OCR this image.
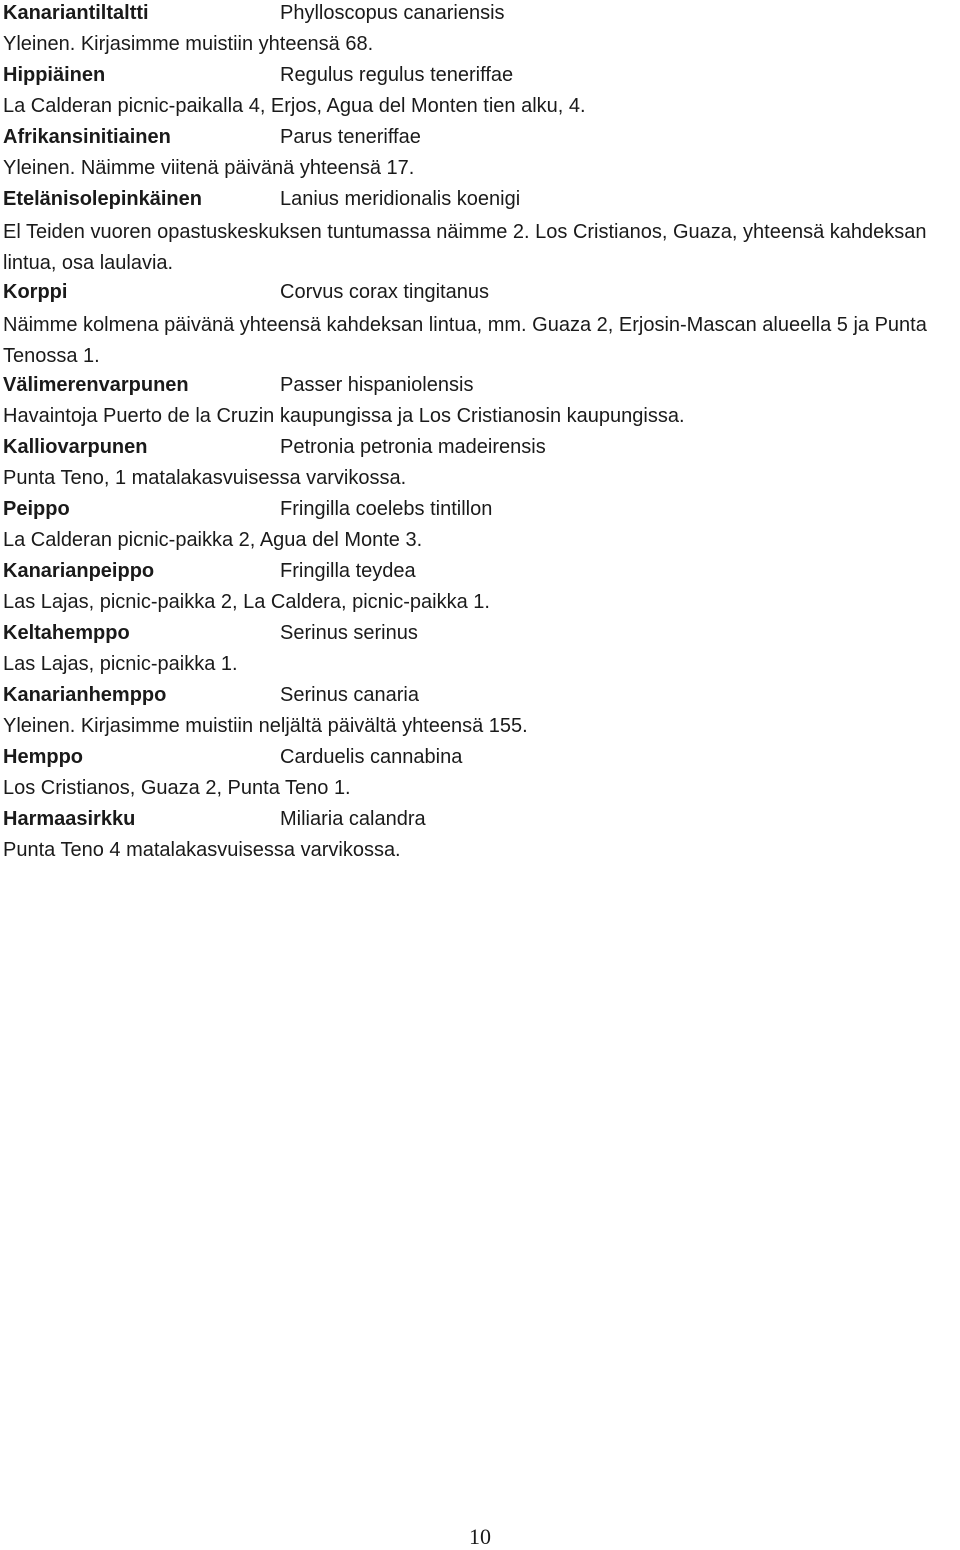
Kanariantiltaltti	Phylloscopus canariensis
Yleinen. Kirjasimme muistiin yhteensä 68.
Hippiäinen	Regulus regulus teneriffae
La Calderan picnic-paikalla 4, Erjos, Agua del Monten tien alku, 4.
Afrikansinitiainen	Parus teneriffae
Yleinen. Näimme viitenä päivänä yhteensä 17.
Etelänisolepinkäinen	Lanius meridionalis koenigi
El Teiden vuoren opastuskeskuksen tuntumassa näimme 2. Los Cristianos, Guaza, yhteensä kahdeksan lintua, osa laulavia.
Korppi	Corvus corax tingitanus
Näimme kolmena päivänä yhteensä kahdeksan lintua, mm. Guaza 2, Erjosin-Mascan alueella 5 ja Punta Tenossa 1.
Välimerenvarpunen	Passer hispaniolensis
Havaintoja Puerto de la Cruzin kaupungissa ja Los Cristianosin kaupungissa.
Kalliovarpunen	Petronia petronia madeirensis
Punta Teno, 1 matalakasvuisessa varvikossa.
Peippo	Fringilla coelebs tintillon
La Calderan picnic-paikka 2, Agua del Monte 3.
Kanarianpeippo	Fringilla teydea
Las Lajas, picnic-paikka 2, La Caldera, picnic-paikka 1.
Keltahemppo	Serinus serinus
Las Lajas, picnic-paikka 1.
Kanarianhemppo	Serinus canaria
Yleinen. Kirjasimme muistiin neljältä päivältä yhteensä 155.
Hemppo	Carduelis cannabina
Los Cristianos, Guaza 2, Punta Teno 1.
Harmaasirkku	Miliaria calandra
Punta Teno 4 matalakasvuisessa varvikossa.
10
